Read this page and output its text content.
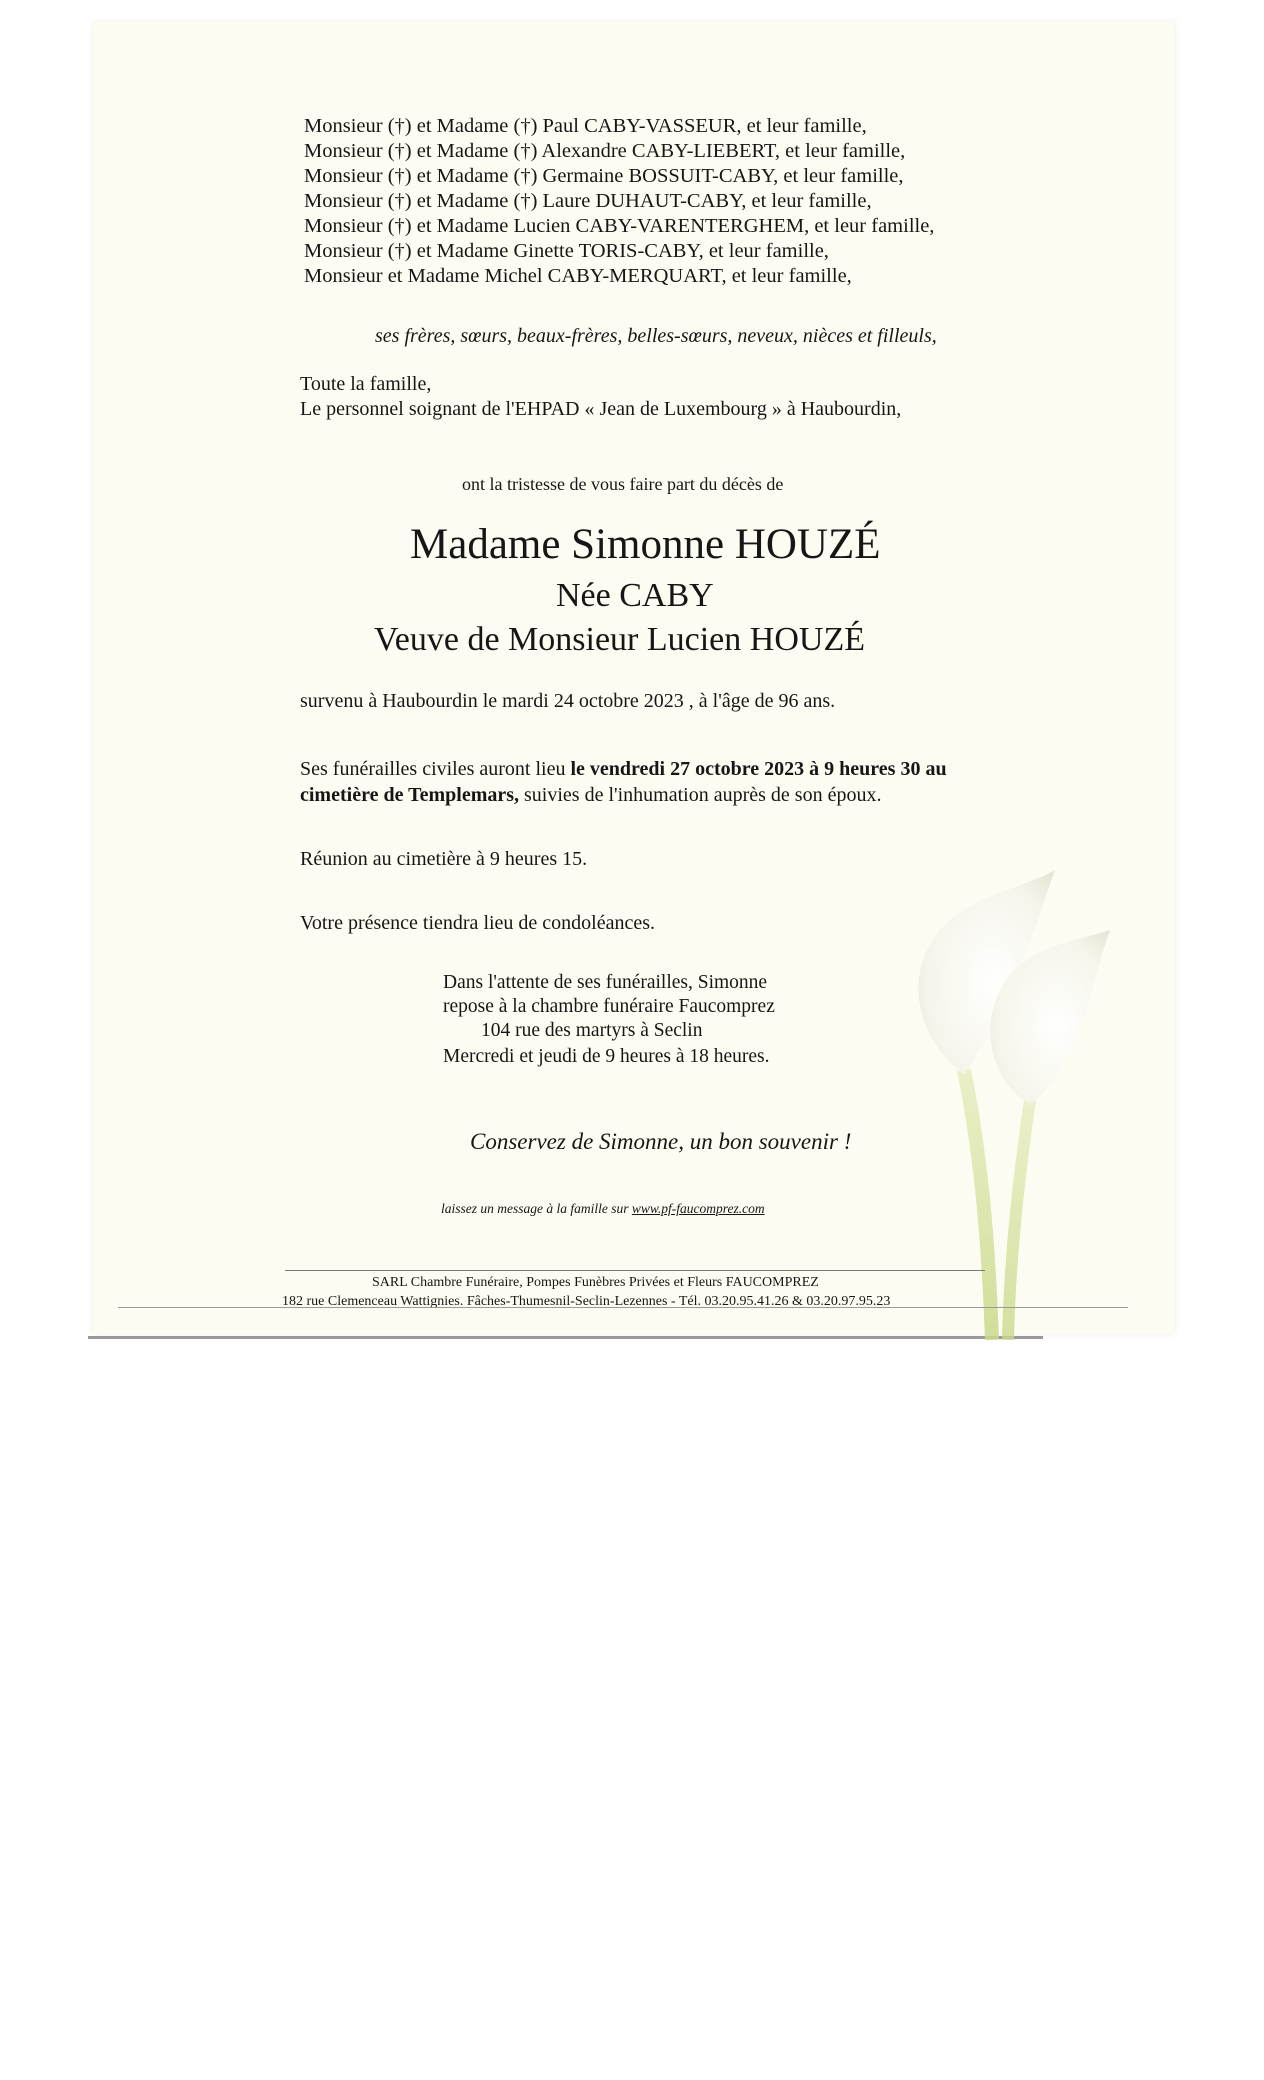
Monsieur (†) et Madame (†) Paul CABY-VASSEUR, et leur famille,
Monsieur (†) et Madame (†) Alexandre CABY-LIEBERT, et leur famille,
Monsieur (†) et Madame (†) Germaine BOSSUIT-CABY, et leur famille,
Monsieur (†) et Madame (†) Laure DUHAUT-CABY, et leur famille,
Monsieur (†) et Madame Lucien CABY-VARENTERGHEM, et leur famille,
Monsieur (†) et Madame Ginette TORIS-CABY, et leur famille,
Monsieur et Madame Michel CABY-MERQUART, et leur famille,
ses frères, sœurs, beaux-frères, belles-sœurs, neveux, nièces et filleuls,
Toute la famille,
Le personnel soignant de l'EHPAD « Jean de Luxembourg » à Haubourdin,
ont la tristesse de vous faire part du décès de
Madame Simonne HOUZÉ
Née CABY
Veuve de Monsieur Lucien HOUZÉ
survenu à Haubourdin le mardi 24 octobre 2023 , à l'âge de 96 ans.
Ses funérailles civiles auront lieu le vendredi 27 octobre 2023 à 9 heures 30 au
cimetière de Templemars, suivies de l'inhumation auprès de son époux.
Réunion au cimetière à 9 heures 15.
Votre présence tiendra lieu de condoléances.
Dans l'attente de ses funérailles, Simonne
repose à la chambre funéraire Faucomprez
104 rue des martyrs à Seclin
Mercredi et jeudi de 9 heures à 18 heures.
Conservez de Simonne, un bon souvenir !
laissez un message à la famille sur www.pf-faucomprez.com
SARL Chambre Funéraire, Pompes Funèbres Privées et Fleurs FAUCOMPREZ
182 rue Clemenceau Wattignies. Fâches-Thumesnil-Seclin-Lezennes - Tél. 03.20.95.41.26 & 03.20.97.95.23
